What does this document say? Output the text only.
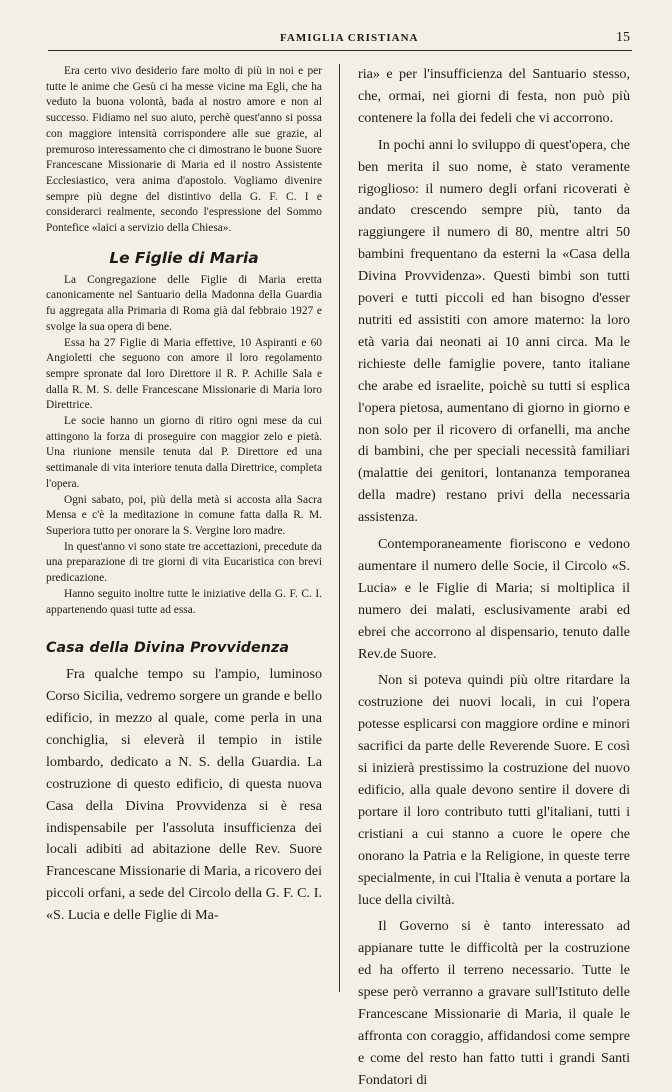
FAMIGLIA CRISTIANA	15

Era certo vivo desiderio fare molto di più in noi e per tutte le anime che Gesù ci ha messe vicine ma Egli, che ha veduto la buona volontà, bada al nostro amore e non al successo. Fidiamo nel suo aiuto, perchè quest'anno si possa con maggiore intensità corrispondere alle sue grazie, al premuroso interessamento che ci dimostrano le buone Suore Francescane Missionarie di Maria ed il nostro Assistente Ecclesiastico, vera anima d'apostolo. Vogliamo divenire sempre più degne del distintivo della G. F. C. I e considerarci realmente, secondo l'espressione del Sommo Pontefice «laici a servizio della Chiesa».

Le Figlie di Maria

La Congregazione delle Figlie di Maria eretta canonicamente nel Santuario della Madonna della Guardia fu aggregata alla Primaria di Roma già dal febbraio 1927 e svolge la sua opera di bene.

Essa ha 27 Figlie di Maria effettive, 10 Aspiranti e 60 Angioletti che seguono con amore il loro regolamento sempre spronate dal loro Direttore il R. P. Achille Sala e dalla R. M. S. delle Francescane Missionarie di Maria loro Direttrice.

Le socie hanno un giorno di ritiro ogni mese da cui attingono la forza di proseguire con maggior zelo e pietà. Una riunione mensile tenuta dal P. Direttore ed una settimanale di vita interiore tenuta dalla Direttrice, completa l'opera.

Ogni sabato, poi, più della metà si accosta alla Sacra Mensa e c'è la meditazione in comune fatta dalla R. M. Superiora tutto per onorare la S. Vergine loro madre.

In quest'anno vi sono state tre accettazioni, precedute da una preparazione di tre giorni di vita Eucaristica con brevi predicazione.

Hanno seguito inoltre tutte le iniziative della G. F. C. I. appartenendo quasi tutte ad essa.

Casa della Divina Provvidenza

Fra qualche tempo su l'ampio, luminoso Corso Sicilia, vedremo sorgere un grande e bello edificio, in mezzo al quale, come perla in una conchiglia, si eleverà il tempio in istile lombardo, dedicato a N. S. della Guardia. La costruzione di questo edificio, di questa nuova Casa della Divina Provvidenza si è resa indispensabile per l'assoluta insufficienza dei locali adibiti ad abitazione delle Rev. Suore Francescane Missionarie di Maria, a ricovero dei piccoli orfani, a sede del Circolo della G. F. C. I. «S. Lucia e delle Figlie di Ma-

ria» e per l'insufficienza del Santuario stesso, che, ormai, nei giorni di festa, non può più contenere la folla dei fedeli che vi accorrono.

In pochi anni lo sviluppo di quest'opera, che ben merita il suo nome, è stato veramente rigoglioso: il numero degli orfani ricoverati è andato crescendo sempre più, tanto da raggiungere il numero di 80, mentre altri 50 bambini frequentano da esterni la «Casa della Divina Provvidenza». Questi bimbi son tutti poveri e tutti piccoli ed han bisogno d'esser nutriti ed assistiti con amore materno: la loro età varia dai neonati ai 10 anni circa. Ma le richieste delle famiglie povere, tanto italiane che arabe ed israelite, poichè su tutti si esplica l'opera pietosa, aumentano di giorno in giorno e non solo per il ricovero di orfanelli, ma anche di bambini, che per speciali necessità familiari (malattie dei genitori, lontananza temporanea della madre) restano privi della necessaria assistenza.

Contemporaneamente fioriscono e vedono aumentare il numero delle Socie, il Circolo «S. Lucia» e le Figlie di Maria; si moltiplica il numero dei malati, esclusivamente arabi ed ebrei che accorrono al dispensario, tenuto dalle Rev.de Suore.

Non si poteva quindi più oltre ritardare la costruzione dei nuovi locali, in cui l'opera potesse esplicarsi con maggiore ordine e minori sacrifici da parte delle Reverende Suore. E così si inizierà prestissimo la costruzione del nuovo edificio, alla quale devono sentire il dovere di portare il loro contributo tutti gl'italiani, tutti i cristiani a cui stanno a cuore le opere che onorano la Patria e la Religione, in queste terre specialmente, in cui l'Italia è venuta a portare la luce della civiltà.

Il Governo si è tanto interessato ad appianare tutte le difficoltà per la costruzione ed ha offerto il terreno necessario. Tutte le spese però verranno a gravare sull'Istituto delle Francescane Missionarie di Maria, il quale le affronta con coraggio, affidandosi come sempre e come del resto han fatto tutti i grandi Santi Fondatori di
